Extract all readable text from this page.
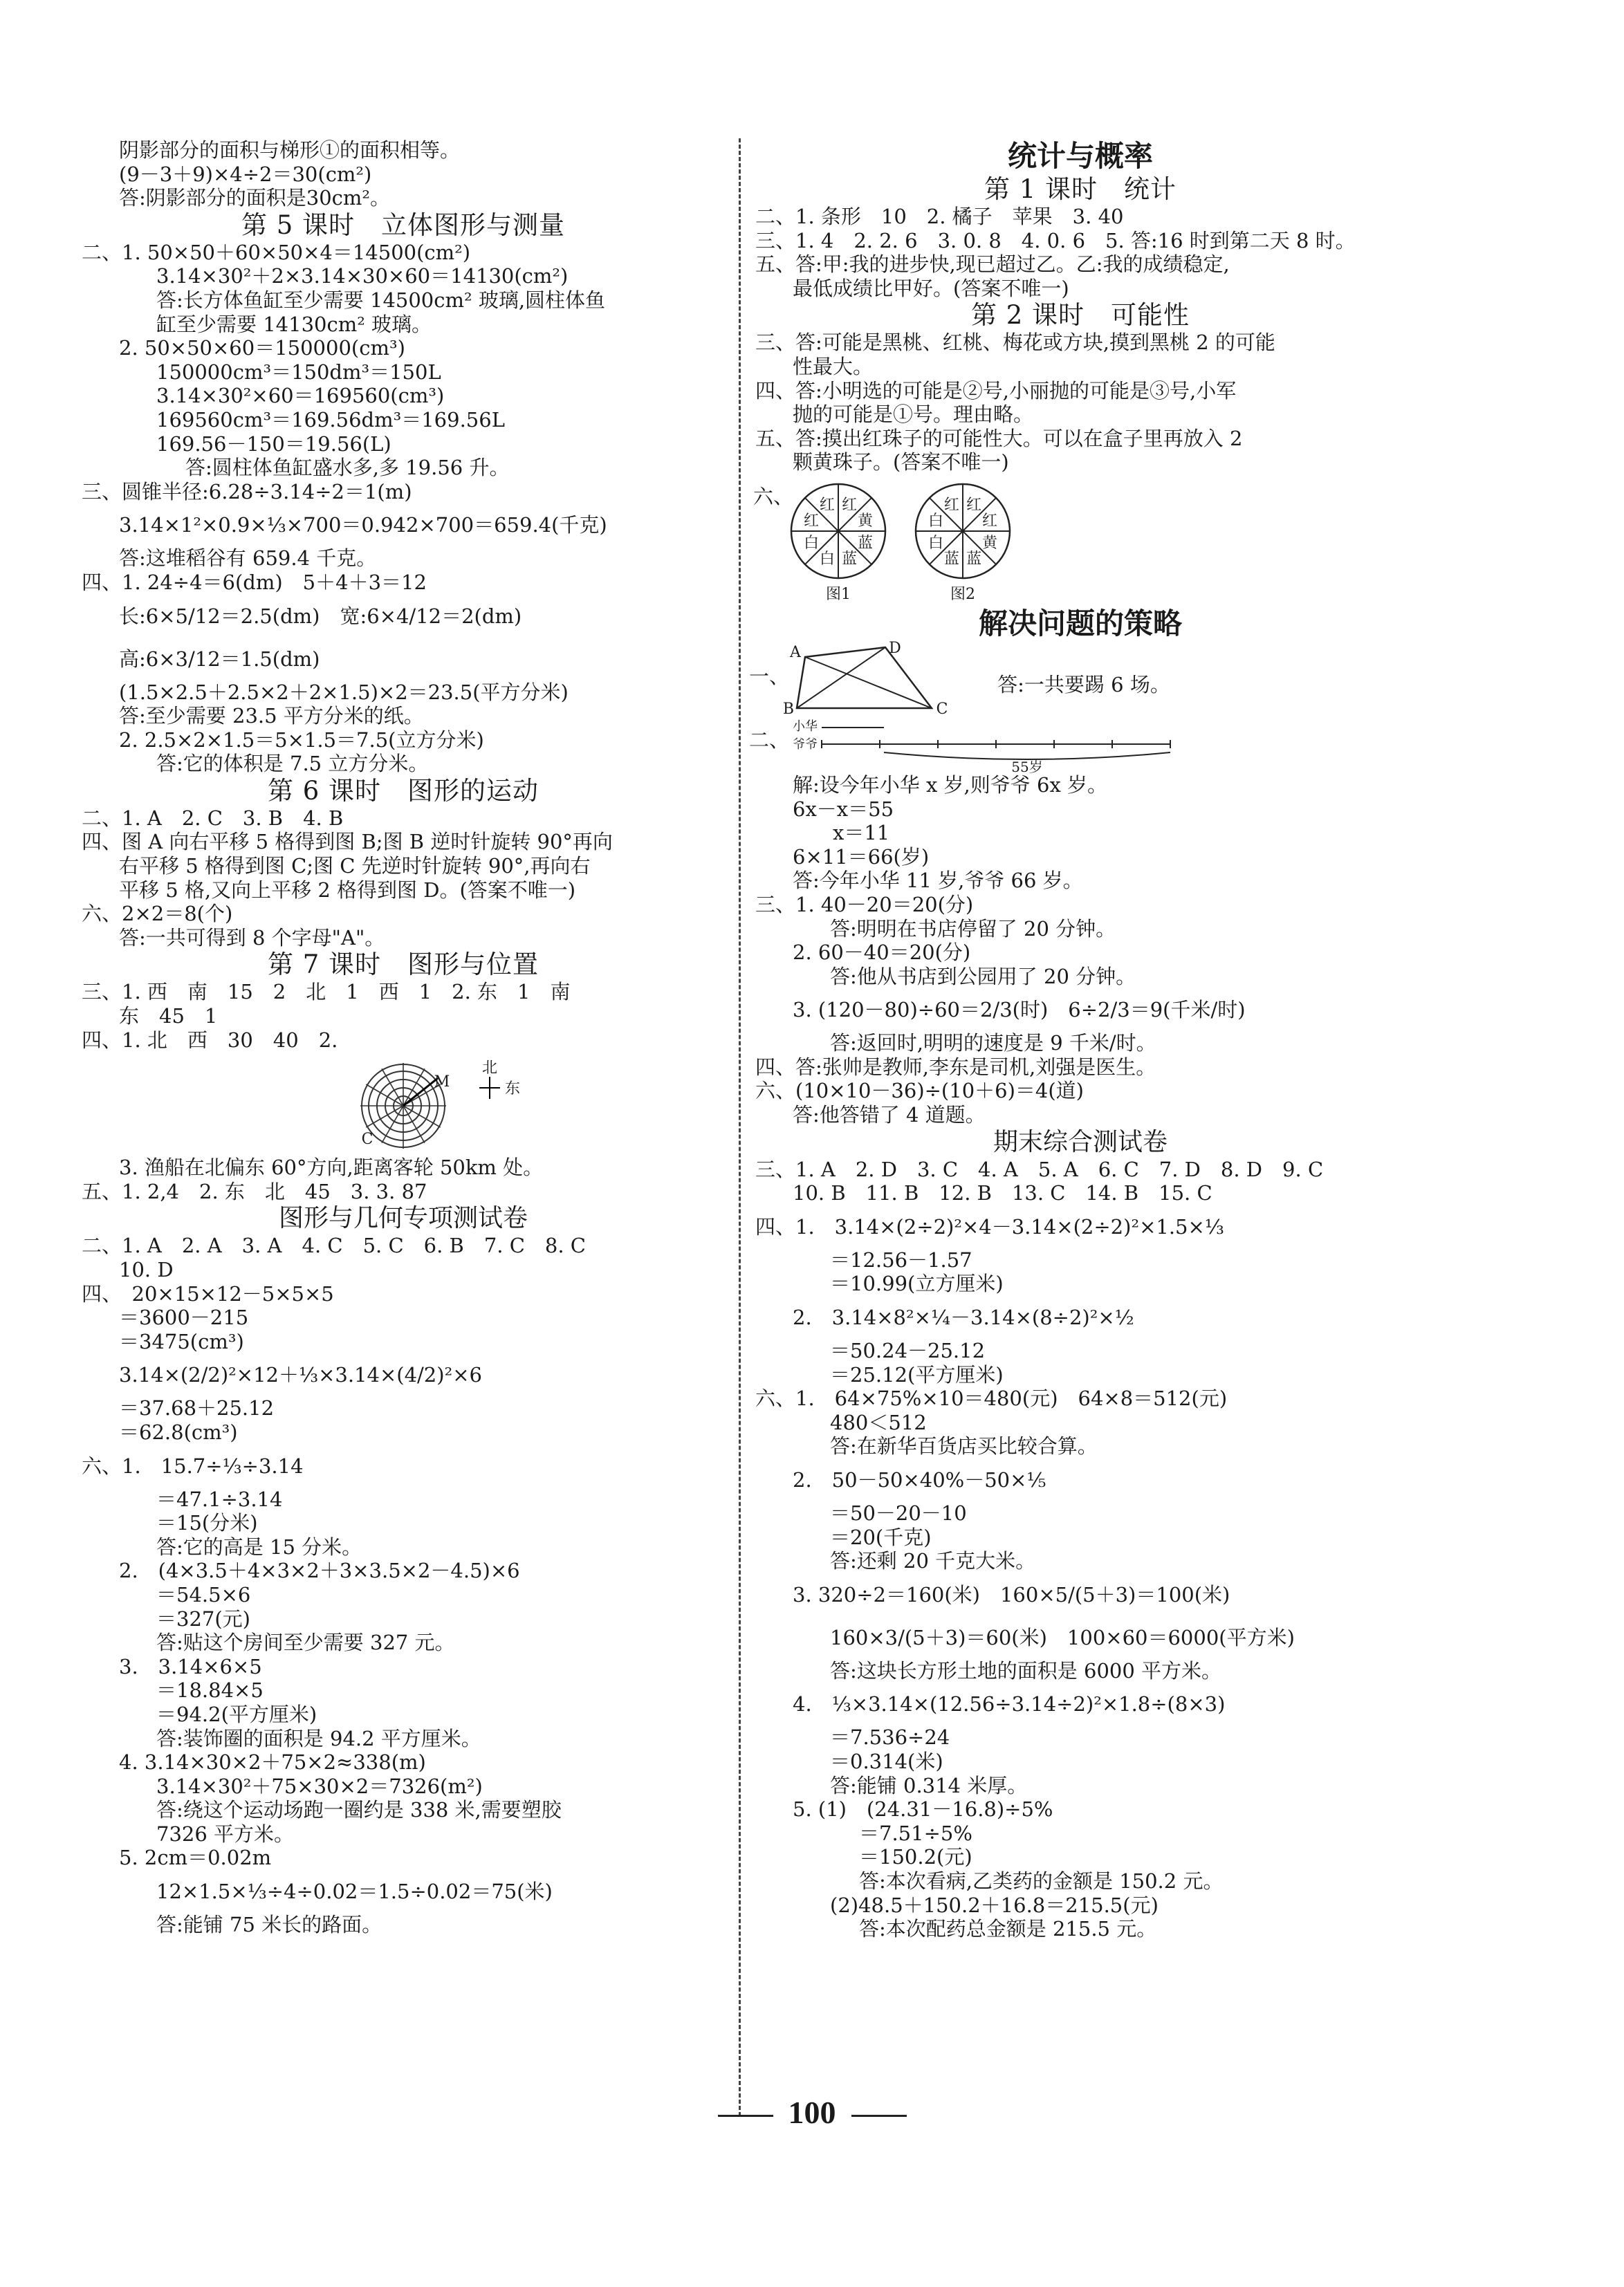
阴影部分的面积与梯形①的面积相等。
(9－3＋9)×4÷2＝30(cm²)
答:阴影部分的面积是30cm²。
第 5 课时　立体图形与测量
二、1. 50×50＋60×50×4＝14500(cm²)
3.14×30²＋2×3.14×30×60＝14130(cm²)
答:长方体鱼缸至少需要 14500cm² 玻璃,圆柱体鱼
缸至少需要 14130cm² 玻璃。
2. 50×50×60＝150000(cm³)
150000cm³＝150dm³＝150L
3.14×30²×60＝169560(cm³)
169560cm³＝169.56dm³＝169.56L
169.56－150＝19.56(L)
答:圆柱体鱼缸盛水多,多 19.56 升。
三、圆锥半径:6.28÷3.14÷2＝1(m)
3.14×1²×0.9×⅓×700＝0.942×700＝659.4(千克)
答:这堆稻谷有 659.4 千克。
四、1. 24÷4＝6(dm)　5＋4＋3＝12
长:6×5/12＝2.5(dm)　宽:6×4/12＝2(dm)
高:6×3/12＝1.5(dm)
(1.5×2.5＋2.5×2＋2×1.5)×2＝23.5(平方分米)
答:至少需要 23.5 平方分米的纸。
2. 2.5×2×1.5＝5×1.5＝7.5(立方分米)
答:它的体积是 7.5 立方分米。
第 6 课时　图形的运动
二、1. A　2. C　3. B　4. B
四、图 A 向右平移 5 格得到图 B;图 B 逆时针旋转 90°再向
右平移 5 格得到图 C;图 C 先逆时针旋转 90°,再向右
平移 5 格,又向上平移 2 格得到图 D。(答案不唯一)
六、2×2＝8(个)
答:一共可得到 8 个字母"A"。
第 7 课时　图形与位置
三、1. 西　南　15　2　北　1　西　1　2. 东　1　南
东　45　1
四、1. 北　西　30　40　2.
M
C
北
东
3. 渔船在北偏东 60°方向,距离客轮 50km 处。
五、1. 2,4　2. 东　北　45　3. 3. 87
图形与几何专项测试卷
二、1. A　2. A　3. A　4. C　5. C　6. B　7. C　8. C
10. D
四、　20×15×12－5×5×5
＝3600－215
＝3475(cm³)
3.14×(2/2)²×12＋⅓×3.14×(4/2)²×6
＝37.68＋25.12
＝62.8(cm³)
六、1.　15.7÷⅓÷3.14
＝47.1÷3.14
＝15(分米)
答:它的高是 15 分米。
2.　(4×3.5＋4×3×2＋3×3.5×2－4.5)×6
＝54.5×6
＝327(元)
答:贴这个房间至少需要 327 元。
3.　3.14×6×5
＝18.84×5
＝94.2(平方厘米)
答:装饰圈的面积是 94.2 平方厘米。
4. 3.14×30×2＋75×2≈338(m)
3.14×30²＋75×30×2＝7326(m²)
答:绕这个运动场跑一圈约是 338 米,需要塑胶
7326 平方米。
5. 2cm＝0.02m
12×1.5×⅓÷4÷0.02＝1.5÷0.02＝75(米)
答:能铺 75 米长的路面。
统计与概率
第 1 课时　统计
二、1. 条形　10　2. 橘子　苹果　3. 40
三、1. 4　2. 2. 6　3. 0. 8　4. 0. 6　5. 答:16 时到第二天 8 时。
五、答:甲:我的进步快,现已超过乙。乙:我的成绩稳定,
最低成绩比甲好。(答案不唯一)
第 2 课时　可能性
三、答:可能是黑桃、红桃、梅花或方块,摸到黑桃 2 的可能
性最大。
四、答:小明选的可能是②号,小丽抛的可能是③号,小军
抛的可能是①号。理由略。
五、答:摸出红珠子的可能性大。可以在盒子里再放入 2
颗黄珠子。(答案不唯一)
六、	红
黄
蓝
蓝
白
白
红
红	红
红
黄
蓝
蓝
白
白
红
图1	图2
解决问题的策略
一、
A
B	C
D
答:一共要踢 6 场。
二、
小华
爷爷
55岁
解:设今年小华 x 岁,则爷爷 6x 岁。
6x－x＝55
　　x＝11
6×11＝66(岁)
答:今年小华 11 岁,爷爷 66 岁。
三、1. 40－20＝20(分)
答:明明在书店停留了 20 分钟。
2. 60－40＝20(分)
答:他从书店到公园用了 20 分钟。
3. (120－80)÷60＝2/3(时)　6÷2/3＝9(千米/时)
答:返回时,明明的速度是 9 千米/时。
四、答:张帅是教师,李东是司机,刘强是医生。
六、(10×10－36)÷(10＋6)＝4(道)
答:他答错了 4 道题。
期末综合测试卷
三、1. A　2. D　3. C　4. A　5. A　6. C　7. D　8. D　9. C
10. B　11. B　12. B　13. C　14. B　15. C
四、1.　3.14×(2÷2)²×4－3.14×(2÷2)²×1.5×⅓
＝12.56－1.57
＝10.99(立方厘米)
2.　3.14×8²×¼－3.14×(8÷2)²×½
＝50.24－25.12
＝25.12(平方厘米)
六、1.　64×75%×10＝480(元)　64×8＝512(元)
480＜512
答:在新华百货店买比较合算。
2.　50－50×40%－50×⅕
＝50－20－10
＝20(千克)
答:还剩 20 千克大米。
3. 320÷2＝160(米)　160×5/(5＋3)＝100(米)
160×3/(5＋3)＝60(米)　100×60＝6000(平方米)
答:这块长方形土地的面积是 6000 平方米。
4.　⅓×3.14×(12.56÷3.14÷2)²×1.8÷(8×3)
＝7.536÷24
＝0.314(米)
答:能铺 0.314 米厚。
5. (1)　(24.31－16.8)÷5%
＝7.51÷5%
＝150.2(元)
答:本次看病,乙类药的金额是 150.2 元。
(2)48.5＋150.2＋16.8＝215.5(元)
答:本次配药总金额是 215.5 元。
100
